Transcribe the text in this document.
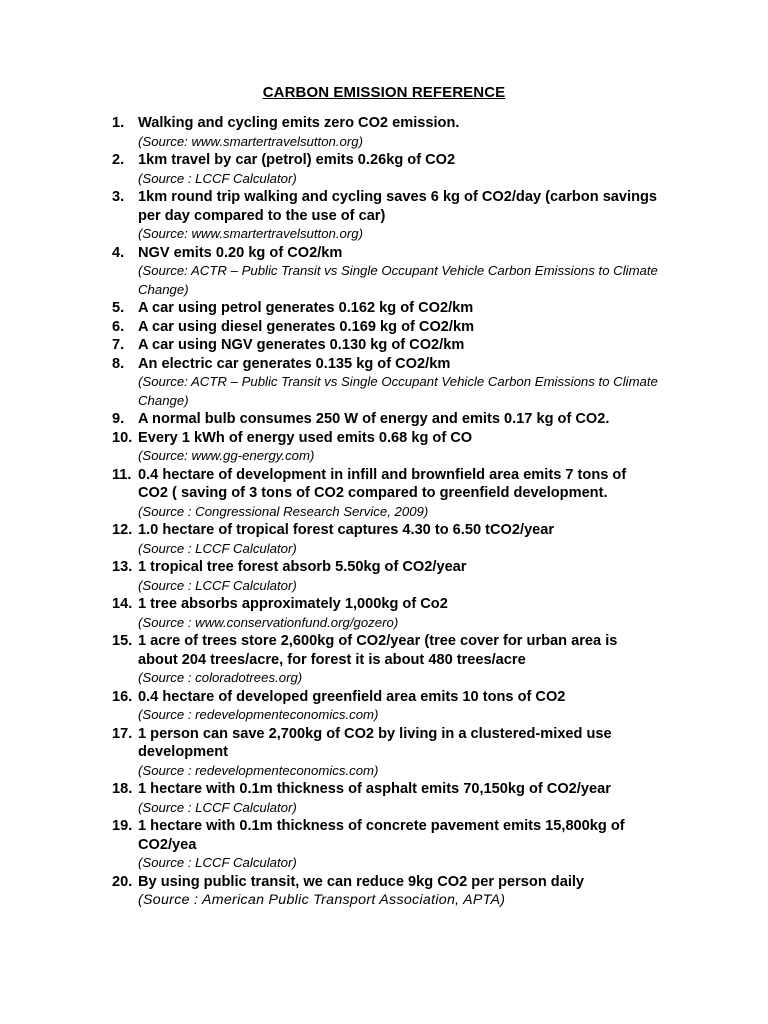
CARBON EMISSION REFERENCE
1. Walking and cycling emits zero CO2 emission.
(Source: www.smartertravelsutton.org)
2. 1km travel by car (petrol) emits 0.26kg of CO2
(Source : LCCF Calculator)
3. 1km round trip walking and cycling saves 6 kg of CO2/day (carbon savings per day compared to the use of car)
(Source: www.smartertravelsutton.org)
4. NGV emits 0.20 kg of CO2/km
(Source: ACTR – Public Transit vs Single Occupant Vehicle Carbon Emissions to Climate Change)
5. A car using petrol generates 0.162 kg of CO2/km
6. A car using diesel generates 0.169 kg of CO2/km
7. A car using NGV generates 0.130 kg of CO2/km
8. An electric car generates 0.135 kg of CO2/km
(Source: ACTR – Public Transit vs Single Occupant Vehicle Carbon Emissions to Climate Change)
9. A normal bulb consumes 250 W of energy and emits 0.17 kg of CO2.
10. Every 1 kWh of energy used emits 0.68 kg of CO
(Source: www.gg-energy.com)
11. 0.4 hectare of development in infill and brownfield area emits 7 tons of CO2 ( saving of 3 tons of CO2 compared to greenfield development.
(Source : Congressional Research Service, 2009)
12. 1.0 hectare of tropical forest captures 4.30 to 6.50 tCO2/year
(Source : LCCF Calculator)
13. 1 tropical tree forest absorb 5.50kg of CO2/year
(Source : LCCF Calculator)
14. 1 tree absorbs approximately 1,000kg of Co2
(Source : www.conservationfund.org/gozero)
15. 1 acre of trees store 2,600kg of CO2/year (tree cover for urban area is about 204 trees/acre, for forest it is about 480 trees/acre
(Source : coloradotrees.org)
16. 0.4 hectare of developed greenfield area emits 10 tons of CO2
(Source : redevelopmenteconomics.com)
17. 1 person can save 2,700kg of CO2 by living in a clustered-mixed use development
(Source : redevelopmenteconomics.com)
18. 1 hectare with 0.1m thickness of asphalt emits 70,150kg of CO2/year
(Source : LCCF Calculator)
19. 1 hectare with 0.1m thickness of concrete pavement emits 15,800kg of CO2/yea
(Source : LCCF Calculator)
20. By using public transit, we can reduce 9kg CO2 per person daily
(Source : American Public Transport Association, APTA)
